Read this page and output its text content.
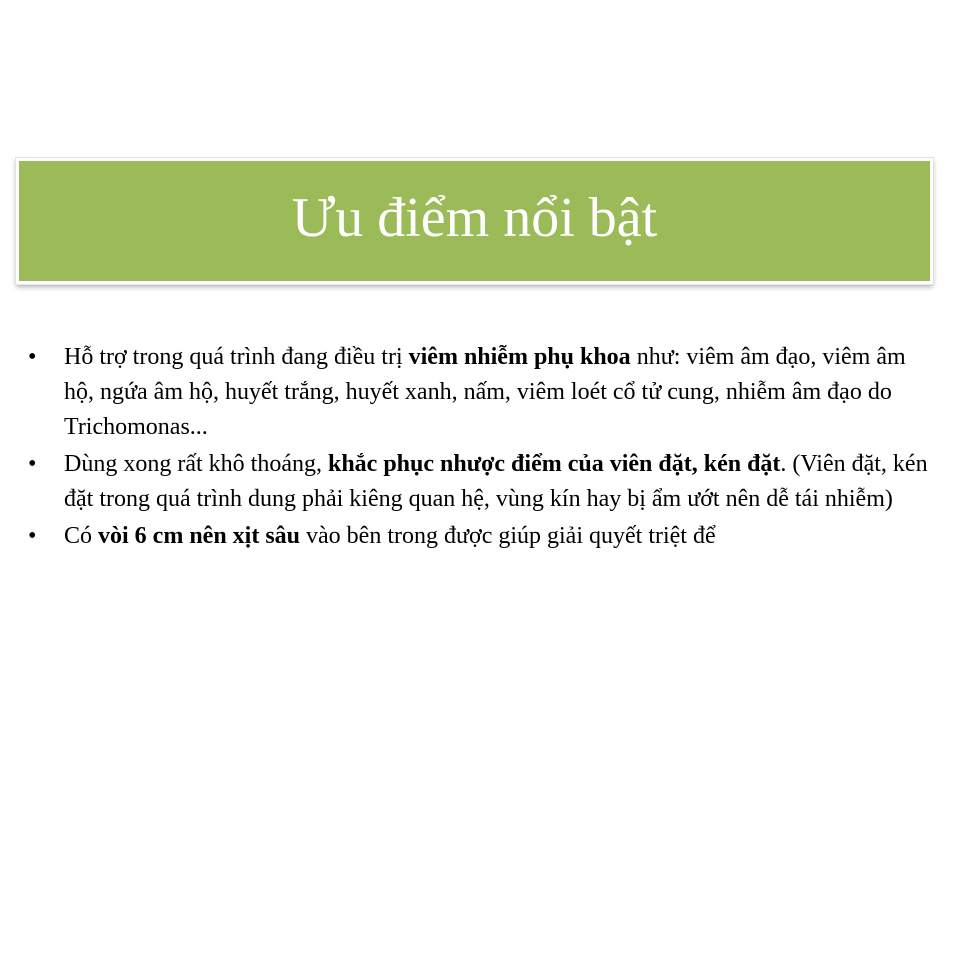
Ưu điểm nổi bật
•	Hỗ trợ trong quá trình đang điều trị viêm nhiễm phụ khoa như: viêm âm đạo, viêm âm hộ, ngứa âm hộ, huyết trắng, huyết xanh, nấm, viêm loét cổ tử cung, nhiễm âm đạo do Trichomonas...
•	Dùng xong rất khô thoáng, khắc phục nhược điểm của viên đặt, kén đặt. (Viên đặt, kén đặt trong quá trình dung phải kiêng quan hệ, vùng kín hay bị ẩm ướt nên dễ tái nhiễm)
•	Có vòi 6 cm nên xịt sâu vào bên trong được giúp giải quyết triệt để
